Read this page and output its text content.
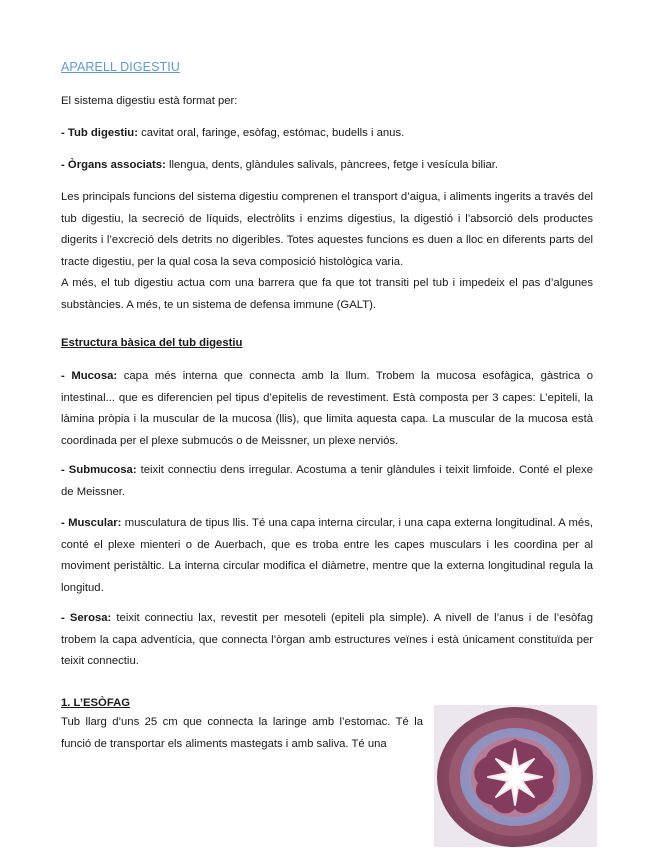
APARELL DIGESTIU

El sistema digestiu està format per:

- Tub digestiu: cavitat oral, faringe, esòfag, estómac, budells i anus.

- Òrgans associats: llengua, dents, glàndules salivals, pàncrees, fetge i vesícula biliar.

Les principals funcions del sistema digestiu comprenen el transport d’aigua, i aliments ingerits a través del tub digestiu, la secreció de líquids, electròlits i enzims digestius, la digestió i l’absorció dels productes digerits i l’excreció dels detrits no digeribles. Totes aquestes funcions es duen a lloc en diferents parts del tracte digestiu, per la qual cosa la seva composició histològica varia.
A més, el tub digestiu actua com una barrera que fa que tot transiti pel tub i impedeix el pas d’algunes substàncies. A més, te un sistema de defensa immune (GALT).

Estructura bàsica del tub digestiu

- Mucosa: capa més interna que connecta amb la llum. Trobem la mucosa esofàgica, gàstrica o intestinal... que es diferencien pel tipus d’epitelis de revestiment. Està composta per 3 capes: L’epiteli, la làmina pròpia i la muscular de la mucosa (llis), que limita aquesta capa. La muscular de la mucosa està coordinada per el plexe submucós o de Meissner, un plexe nerviós.

- Submucosa: teixit connectiu dens irregular. Acostuma a tenir glàndules i teixit limfoide. Conté el plexe de Meissner.

- Muscular: musculatura de tipus llis. Té una capa interna circular, i una capa externa longitudinal. A més, conté el plexe mienteri o de Auerbach, que es troba entre les capes musculars i les coordina per al moviment peristàltic. La interna circular modifica el diàmetre, mentre que la externa longitudinal regula la longitud.

- Serosa: teixit connectiu lax, revestit per mesoteli (epiteli pla simple). A nivell de l’anus i de l’esòfag trobem la capa adventícia, que connecta l’òrgan amb estructures veïnes i està únicament constituïda per teixit connectiu.

1. L’ESÒFAG

Tub llarg d’uns 25 cm que connecta la laringe amb l’estomac. Té la funció de transportar els aliments mastegats i amb saliva. Té una
